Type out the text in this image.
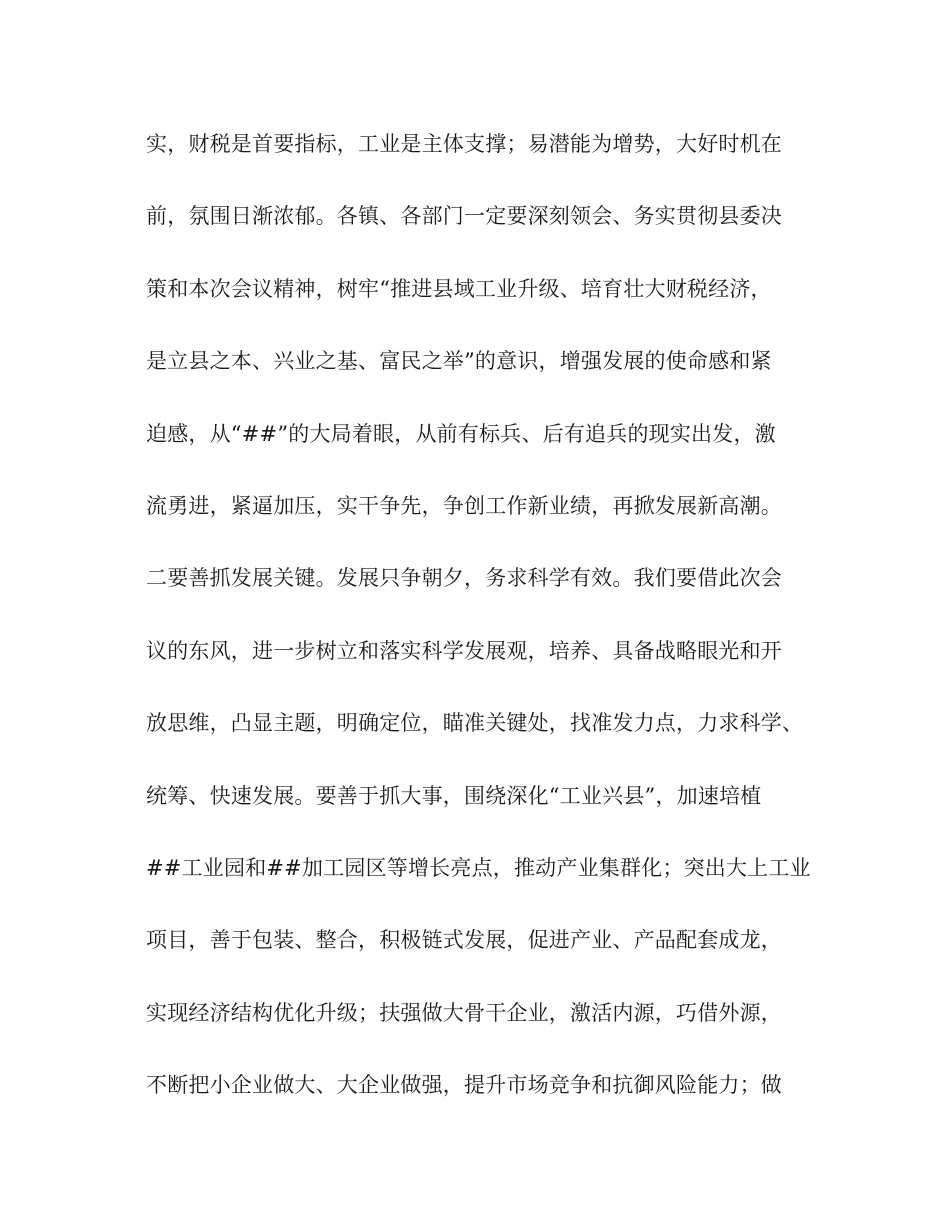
实，财税是首要指标，工业是主体支撑；易潜能为增势，大好时机在
前，氛围日渐浓郁。各镇、各部门一定要深刻领会、务实贯彻县委决
策和本次会议精神，树牢“推进县域工业升级、培育壮大财税经济，
是立县之本、兴业之基、富民之举”的意识，增强发展的使命感和紧
迫感，从“##”的大局着眼，从前有标兵、后有追兵的现实出发，激
流勇进，紧逼加压，实干争先，争创工作新业绩，再掀发展新高潮。
二要善抓发展关键。发展只争朝夕，务求科学有效。我们要借此次会
议的东风，进一步树立和落实科学发展观，培养、具备战略眼光和开
放思维，凸显主题，明确定位，瞄准关键处，找准发力点，力求科学、
统筹、快速发展。要善于抓大事，围绕深化“工业兴县”，加速培植
##工业园和##加工园区等增长亮点，推动产业集群化；突出大上工业
项目，善于包装、整合，积极链式发展，促进产业、产品配套成龙，
实现经济结构优化升级；扶强做大骨干企业，激活内源，巧借外源，
不断把小企业做大、大企业做强，提升市场竞争和抗御风险能力；做
